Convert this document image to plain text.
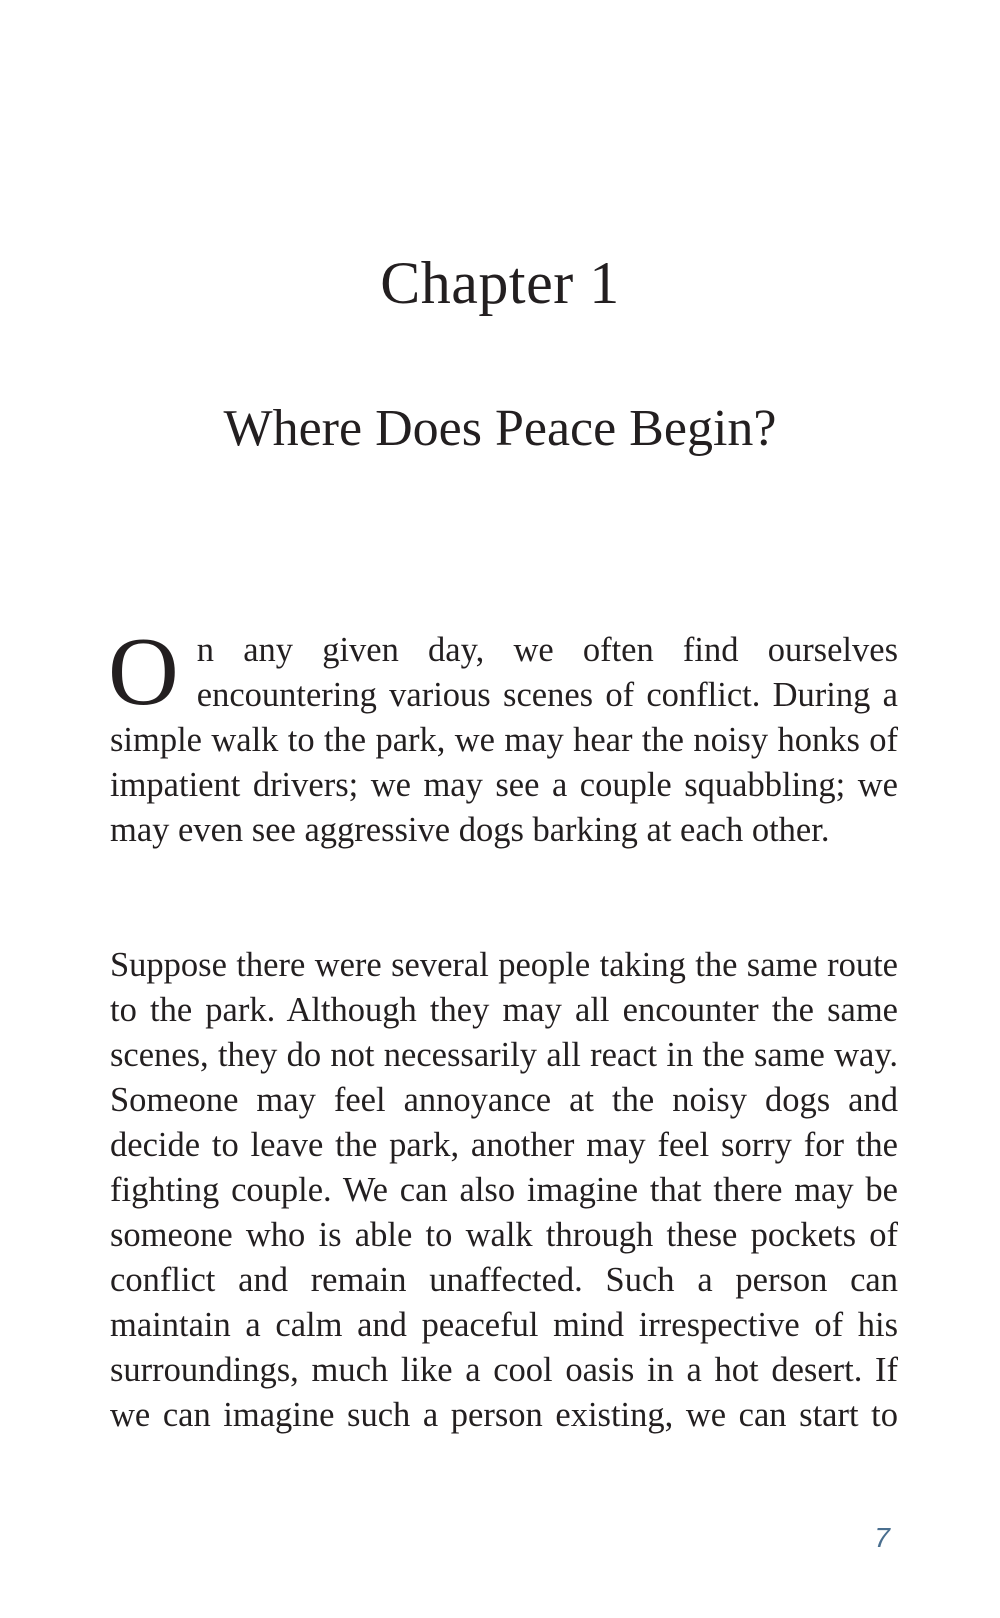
Chapter 1
Where Does Peace Begin?

On any given day, we often find ourselves encountering various scenes of conflict. During a simple walk to the park, we may hear the noisy honks of impatient drivers; we may see a couple squabbling; we may even see aggressive dogs barking at each other.

Suppose there were several people taking the same route to the park. Although they may all encounter the same scenes, they do not necessarily all react in the same way. Someone may feel annoyance at the noisy dogs and decide to leave the park, another may feel sorry for the fighting couple. We can also imagine that there may be someone who is able to walk through these pockets of conflict and remain unaffected. Such a person can maintain a calm and peaceful mind irrespective of his surroundings, much like a cool oasis in a hot desert. If we can imagine such a person existing, we can start to

7
